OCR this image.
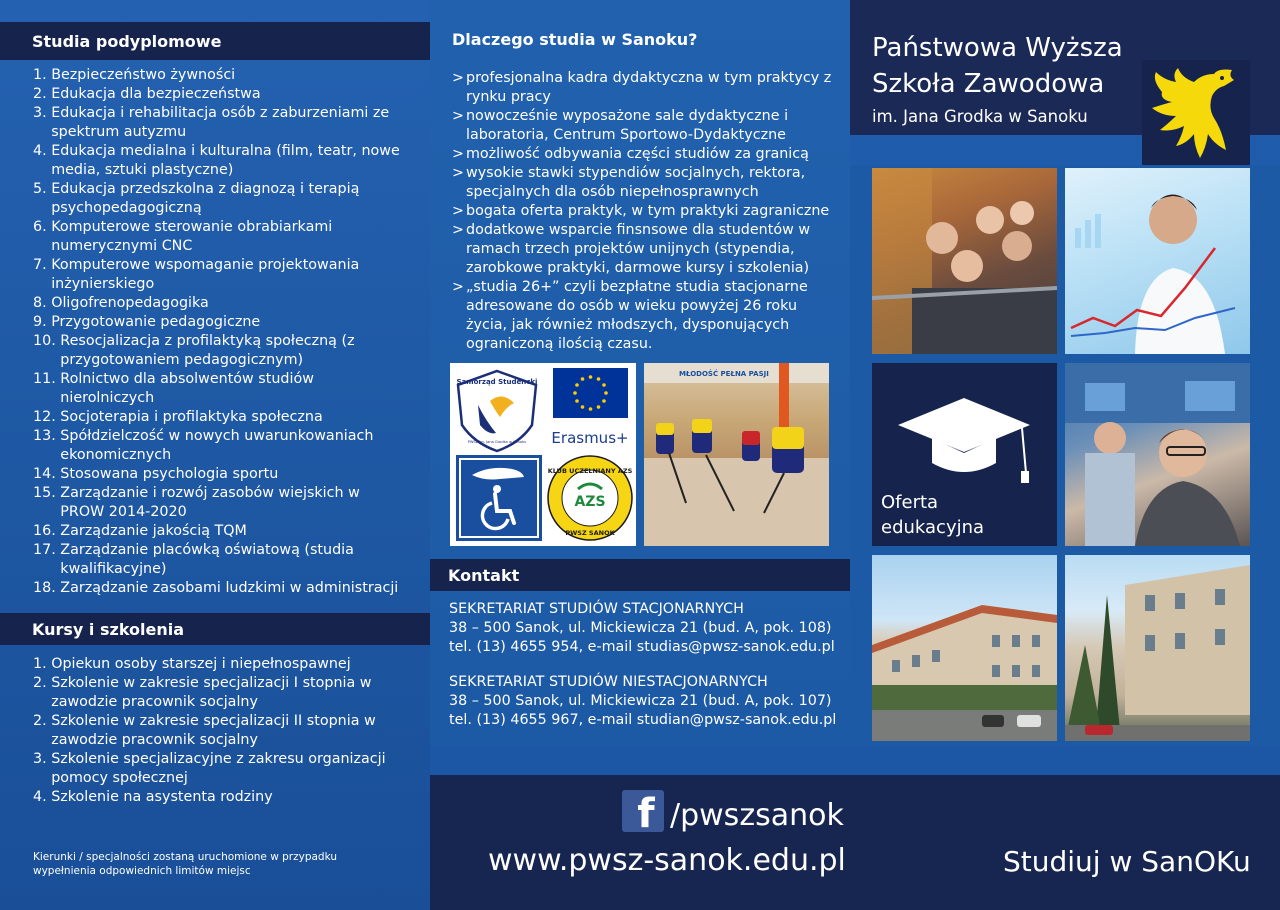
Studia podyplomowe
1. Bezpieczeństwo żywności
2. Edukacja dla bezpieczeństwa
3. Edukacja i rehabilitacja osób z zaburzeniami ze spektrum autyzmu
4. Edukacja medialna i kulturalna (film, teatr, nowe media, sztuki plastyczne)
5. Edukacja przedszkolna z diagnozą i terapią psychopedagogiczną
6. Komputerowe sterowanie obrabiarkami numerycznymi CNC
7. Komputerowe wspomaganie projektowania inżynierskiego
8. Oligofrenopedagogika
9. Przygotowanie pedagogiczne
10. Resocjalizacja z profilaktyką społeczną (z przygotowaniem pedagogicznym)
11. Rolnictwo dla absolwentów studiów nierolniczych
12. Socjoterapia i profilaktyka społeczna
13. Spółdzielczość w nowych uwarunkowaniach ekonomicznych
14. Stosowana psychologia sportu
15. Zarządzanie i rozwój zasobów wiejskich w PROW 2014-2020
16. Zarządzanie jakością TQM
17. Zarządzanie placówką oświatową (studia kwalifikacyjne)
18. Zarządzanie zasobami ludzkimi w administracji
Kursy i szkolenia
1. Opiekun osoby starszej i niepełnospawnej
2. Szkolenie w zakresie specjalizacji I stopnia w zawodzie pracownik socjalny
2. Szkolenie w zakresie specjalizacji II stopnia w zawodzie pracownik socjalny
3. Szkolenie specjalizacyjne z zakresu organizacji pomocy społecznej
4. Szkolenie na asystenta rodziny
Kierunki / specjalności zostaną uruchomione w przypadku wypełnienia odpowiednich limitów miejsc
Dlaczego studia w Sanoku?
> profesjonalna kadra dydaktyczna w tym praktycy z rynku pracy
> nowocześnie wyposażone sale dydaktyczne i laboratoria, Centrum Sportowo-Dydaktyczne
> możliwość odbywania części studiów za granicą
> wysokie stawki stypendiów socjalnych, rektora, specjalnych dla osób niepełnosprawnych
> bogata oferta praktyk, w tym praktyki zagraniczne
> dodatkowe wsparcie finsnsowe dla studentów w ramach trzech projektów unijnych (stypendia, zarobkowe praktyki, darmowe kursy i szkolenia)
> „studia 26+” czyli bezpłatne studia stacjonarne adresowane do osób w wieku powyżej 26 roku życia, jak również młodszych, dysponujących ograniczoną ilością czasu.
Samorząd Studencki
PWSZ im. Jana Grodka w Sanoku Erasmus+
KLUB UCZELNIANY AZS
AZS
PWSZ SANOK
MŁODOŚĆ PEŁNA PASJI
Kontakt
SEKRETARIAT STUDIÓW STACJONARNYCH
38 – 500 Sanok, ul. Mickiewicza 21 (bud. A, pok. 108)
tel. (13) 4655 954, e-mail studias@pwsz-sanok.edu.pl
SEKRETARIAT STUDIÓW NIESTACJONARNYCH
38 – 500 Sanok, ul. Mickiewicza 21 (bud. A, pok. 107)
tel. (13) 4655 967, e-mail studian@pwsz-sanok.edu.pl
Państwowa Wyższa
Szkoła Zawodowa
im. Jana Grodka w Sanoku
Oferta
edukacyjna
f /pwszsanok
www.pwsz-sanok.edu.pl	Studiuj w SanOKu
